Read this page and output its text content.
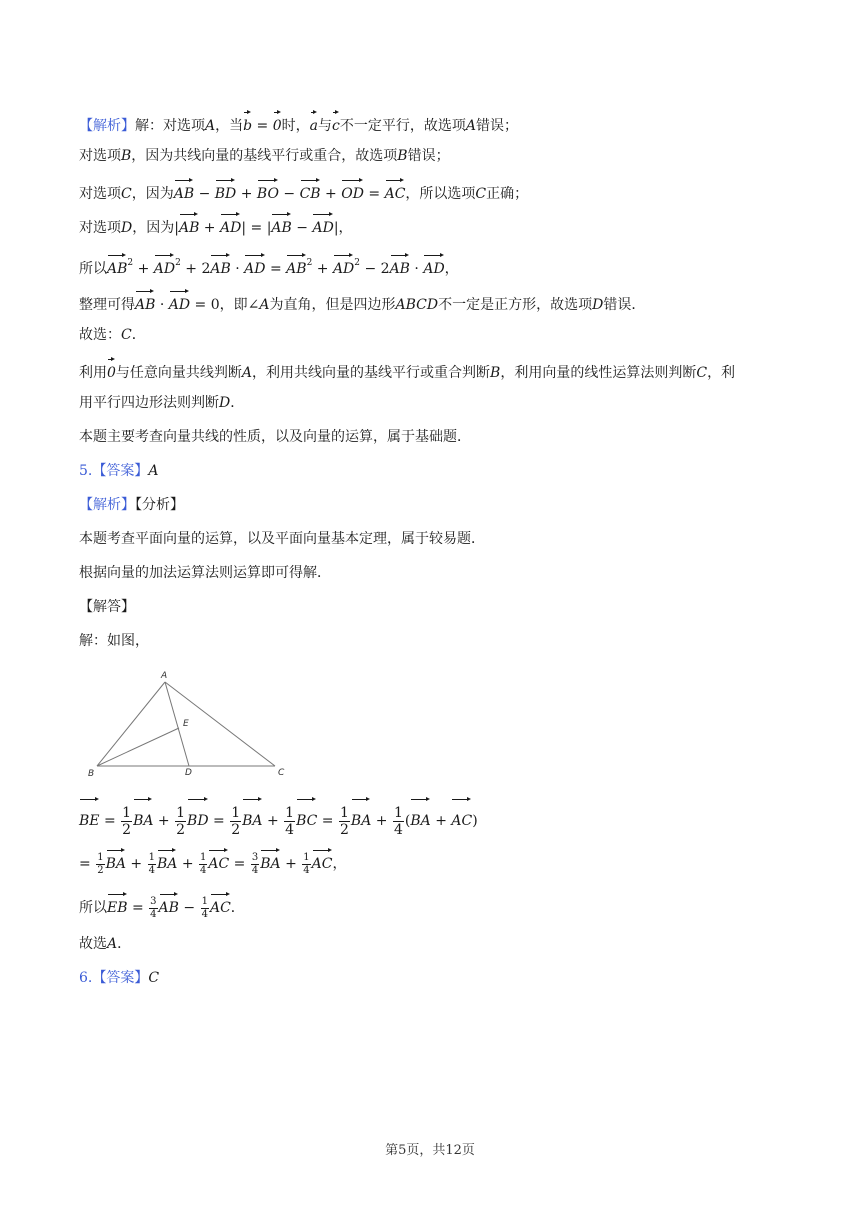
【解析】解：对选项A，当b = 0时，a与c不一定平行，故选项A错误；
对选项B，因为共线向量的基线平行或重合，故选项B错误；
对选项C，因为AB − BD + BO − CB + OD = AC，所以选项C正确；
对选项D，因为|AB + AD| = |AB − AD|，
所以$AB^2 + AD^2 + 2AB$ · AD = $AB^2 + AD^2 - 2AB$ · AD，
整理可得AB · AD = 0，即∠A为直角，但是四边形ABCD不一定是正方形，故选项D错误．
故选：C．
利用0与任意向量共线判断A，利用共线向量的基线平行或重合判断B，利用向量的线性运算法则判断C，利
用平行四边形法则判断D．
本题主要考查向量共线的性质，以及向量的运算，属于基础题．
5.【答案】A
【解析】【分析】
本题考查平面向量的运算，以及平面向量基本定理，属于较易题．
根据向量的加法运算法则运算即可得解．
【解答】
解：如图，
A
B	C
D
E
BE = $\frac{1}{2}$ BA + $\frac{1}{2}$ BD = $\frac{1}{2}$ BA + $\frac{1}{4}$ BC = $\frac{1}{2}$ BA + $\frac{1}{4} (BA + AC)$
= $\frac{1}{2}$ BA + $\frac{1}{4}$ BA + $\frac{1}{4}$ AC = $\frac{3}{4}$ BA + $\frac{1}{4}$ AC，
所以EB = $\frac{3}{4}$ AB − $\frac{1}{4}$ AC．
故选A．
6.【答案】C
第5页，共12页
